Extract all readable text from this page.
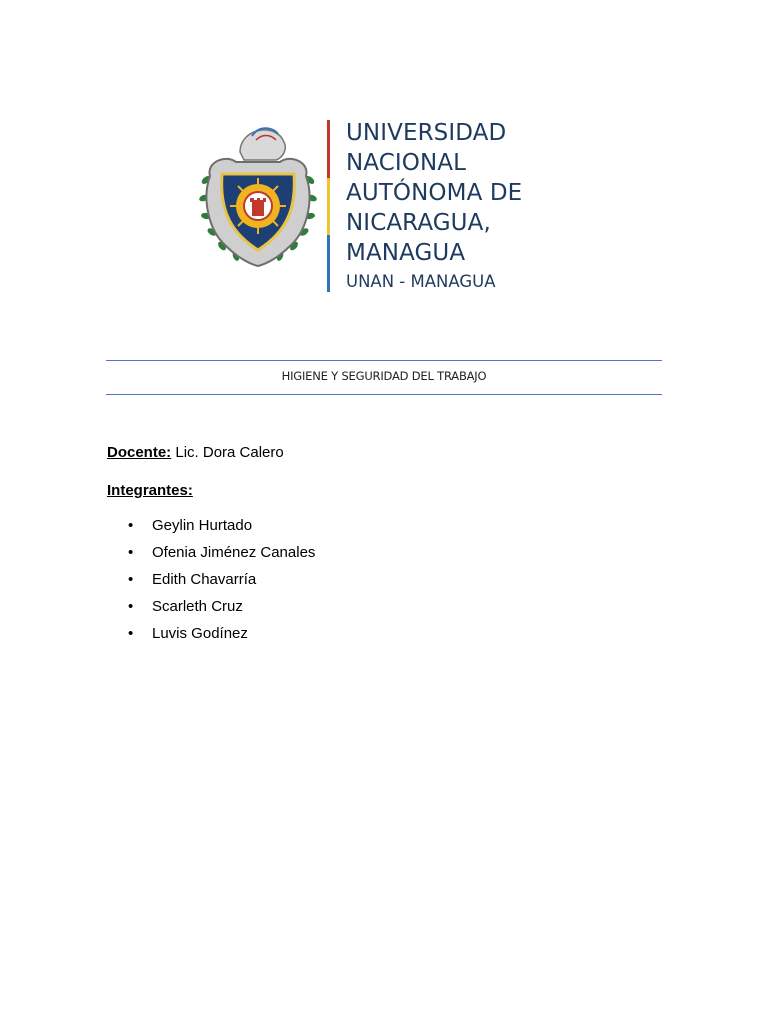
UNIVERSIDAD
NACIONAL
AUTÓNOMA DE
NICARAGUA,
MANAGUA
UNAN - MANAGUA
HIGIENE Y SEGURIDAD DEL TRABAJO
Docente: Lic. Dora Calero
Integrantes:
• Geylin Hurtado
• Ofenia Jiménez Canales
• Edith Chavarría
• Scarleth Cruz
• Luvis Godínez
